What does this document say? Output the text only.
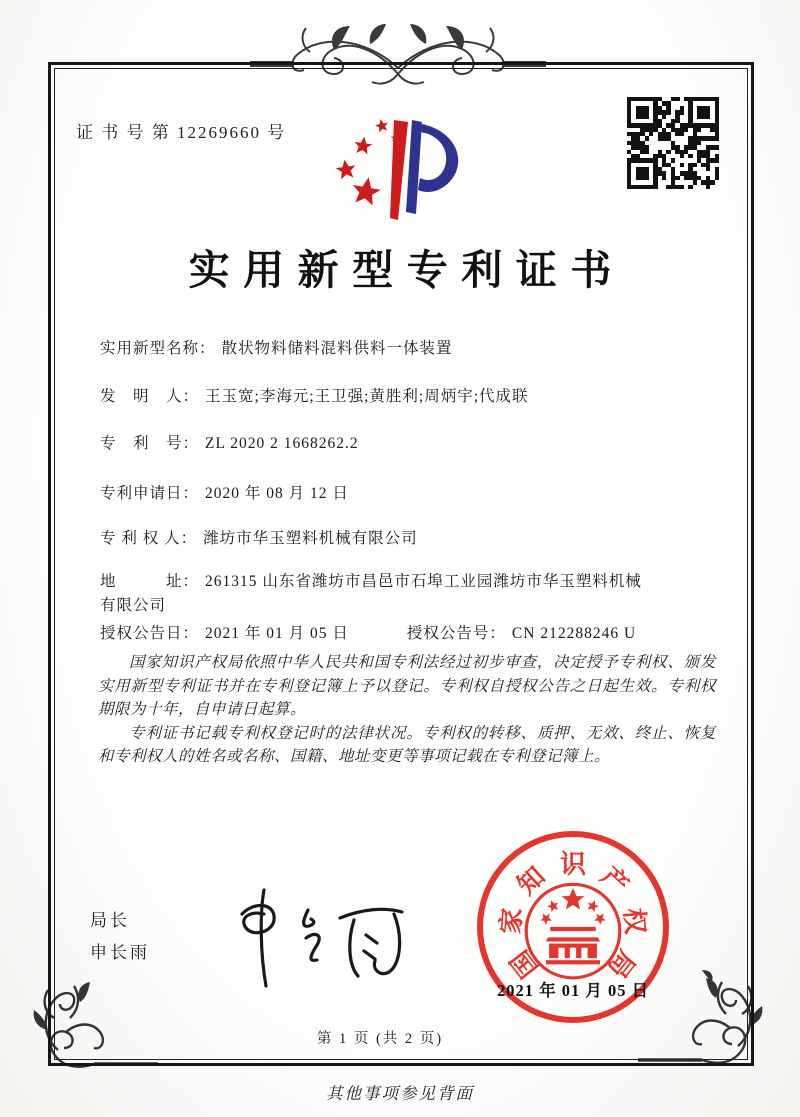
证 书 号 第 12269660 号
实用新型专利证书
实用新型名称： 散状物料储料混料供料一体装置
发　明　人： 王玉宽;李海元;王卫强;黄胜利;周炳宇;代成联
专　利　号： ZL 2020 2 1668262.2
专利申请日： 2020 年 08 月 12 日
专 利 权 人： 潍坊市华玉塑料机械有限公司
地　　　址： 261315 山东省潍坊市昌邑市石埠工业园潍坊市华玉塑料机械有限公司
授权公告日： 2021 年 01 月 05 日	授权公告号： CN 212288246 U

国家知识产权局依照中华人民共和国专利法经过初步审查，决定授予专利权、颁发实用新型专利证书并在专利登记簿上予以登记。专利权自授权公告之日起生效。专利权期限为十年，自申请日起算。

专利证书记载专利权登记时的法律状况。专利权的转移、质押、无效、终止、恢复和专利权人的姓名或名称、国籍、地址变更等事项记载在专利登记簿上。

局长
申长雨	国
家
知 识 产
权
局
2021 年 01 月 05 日
第 1 页 (共 2 页)
其他事项参见背面
